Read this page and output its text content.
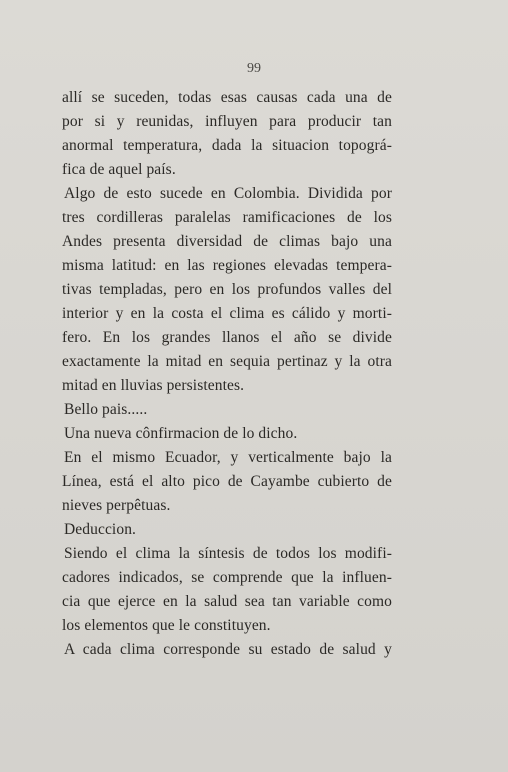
99
allí se suceden, todas esas causas cada una de
por si y reunidas, influyen para producir tan
anormal temperatura, dada la situacion topográ-
fica de aquel país.
Algo de esto sucede en Colombia. Dividida por
tres cordilleras paralelas ramificaciones de los
Andes presenta diversidad de climas bajo una
misma latitud: en las regiones elevadas tempera-
tivas templadas, pero en los profundos valles del
interior y en la costa el clima es cálido y morti-
fero. En los grandes llanos el año se divide
exactamente la mitad en sequia pertinaz y la otra
mitad en lluvias persistentes.
Bello pais.....
Una nueva cônfirmacion de lo dicho.
En el mismo Ecuador, y verticalmente bajo la
Línea, está el alto pico de Cayambe cubierto de
nieves perpêtuas.
Deduccion.
Siendo el clima la síntesis de todos los modifi-
cadores indicados, se comprende que la influen-
cia que ejerce en la salud sea tan variable como
los elementos que le constituyen.
A cada clima corresponde su estado de salud y
